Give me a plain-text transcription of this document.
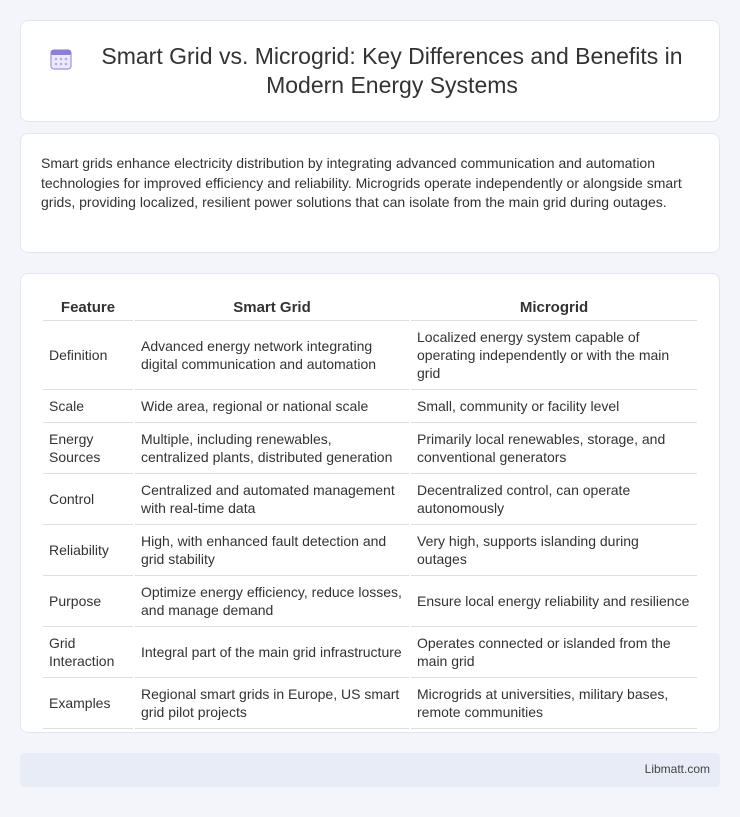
Smart Grid vs. Microgrid: Key Differences and Benefits in Modern Energy Systems

Smart grids enhance electricity distribution by integrating advanced communication and automation technologies for improved efficiency and reliability. Microgrids operate independently or alongside smart grids, providing localized, resilient power solutions that can isolate from the main grid during outages.

Feature	Smart Grid	Microgrid
Definition	Advanced energy network integrating digital communication and automation	Localized energy system capable of operating independently or with the main grid
Scale	Wide area, regional or national scale	Small, community or facility level
Energy Sources	Multiple, including renewables, centralized plants, distributed generation	Primarily local renewables, storage, and conventional generators
Control	Centralized and automated management with real-time data	Decentralized control, can operate autonomously
Reliability	High, with enhanced fault detection and grid stability	Very high, supports islanding during outages
Purpose	Optimize energy efficiency, reduce losses, and manage demand	Ensure local energy reliability and resilience
Grid Interaction	Integral part of the main grid infrastructure	Operates connected or islanded from the main grid
Examples	Regional smart grids in Europe, US smart grid pilot projects	Microgrids at universities, military bases, remote communities
Libmatt.com
